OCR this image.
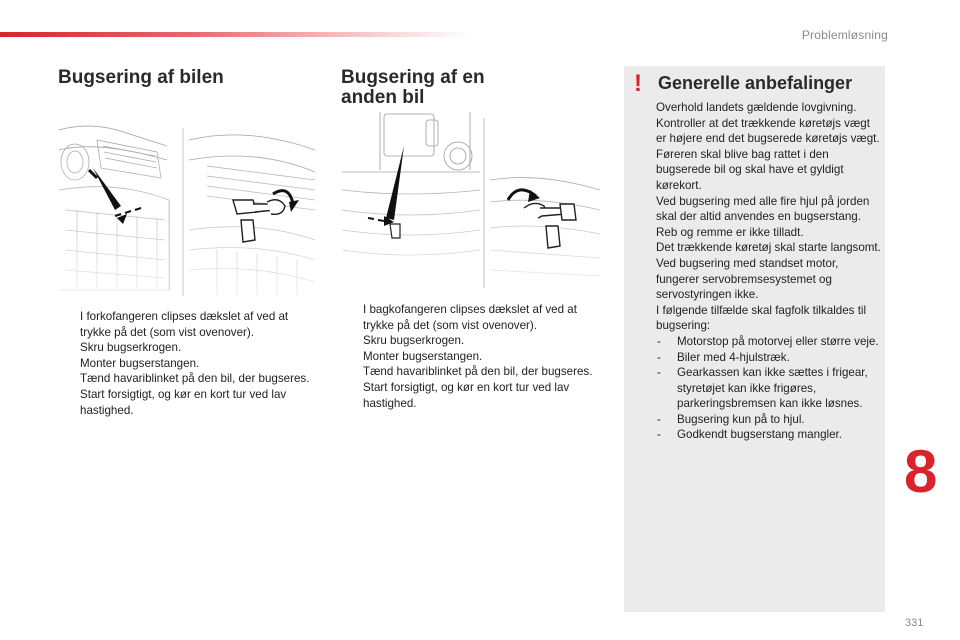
Problemløsning
Bugsering af bilen
I forkofangeren clipses dækslet af ved at trykke på det (som vist ovenover).
Skru bugserkrogen.
Monter bugserstangen.
Tænd havariblinket på den bil, der bugseres.
Start forsigtigt, og kør en kort tur ved lav hastighed.
Bugsering af en
anden bil
I bagkofangeren clipses dækslet af ved at trykke på det (som vist ovenover).
Skru bugserkrogen.
Monter bugserstangen.
Tænd havariblinket på den bil, der bugseres.
Start forsigtigt, og kør en kort tur ved lav hastighed.
! Generelle anbefalinger

Overhold landets gældende lovgivning.

Kontroller at det trækkende køretøjs vægt er højere end det bugserede køretøjs vægt.

Føreren skal blive bag rattet i den bugserede bil og skal have et gyldigt kørekort.

Ved bugsering med alle fire hjul på jorden skal der altid anvendes en bugserstang. Reb og remme er ikke tilladt.

Det trækkende køretøj skal starte langsomt.

Ved bugsering med standset motor, fungerer servobremsesystemet og servostyringen ikke.

I følgende tilfælde skal fagfolk tilkaldes til bugsering:

- Motorstop på motorvej eller større veje.
- Biler med 4-hjulstræk.
- Gearkassen kan ikke sættes i frigear, styretøjet kan ikke frigøres, parkeringsbremsen kan ikke løsnes.
- Bugsering kun på to hjul.
- Godkendt bugserstang mangler.
8
331
